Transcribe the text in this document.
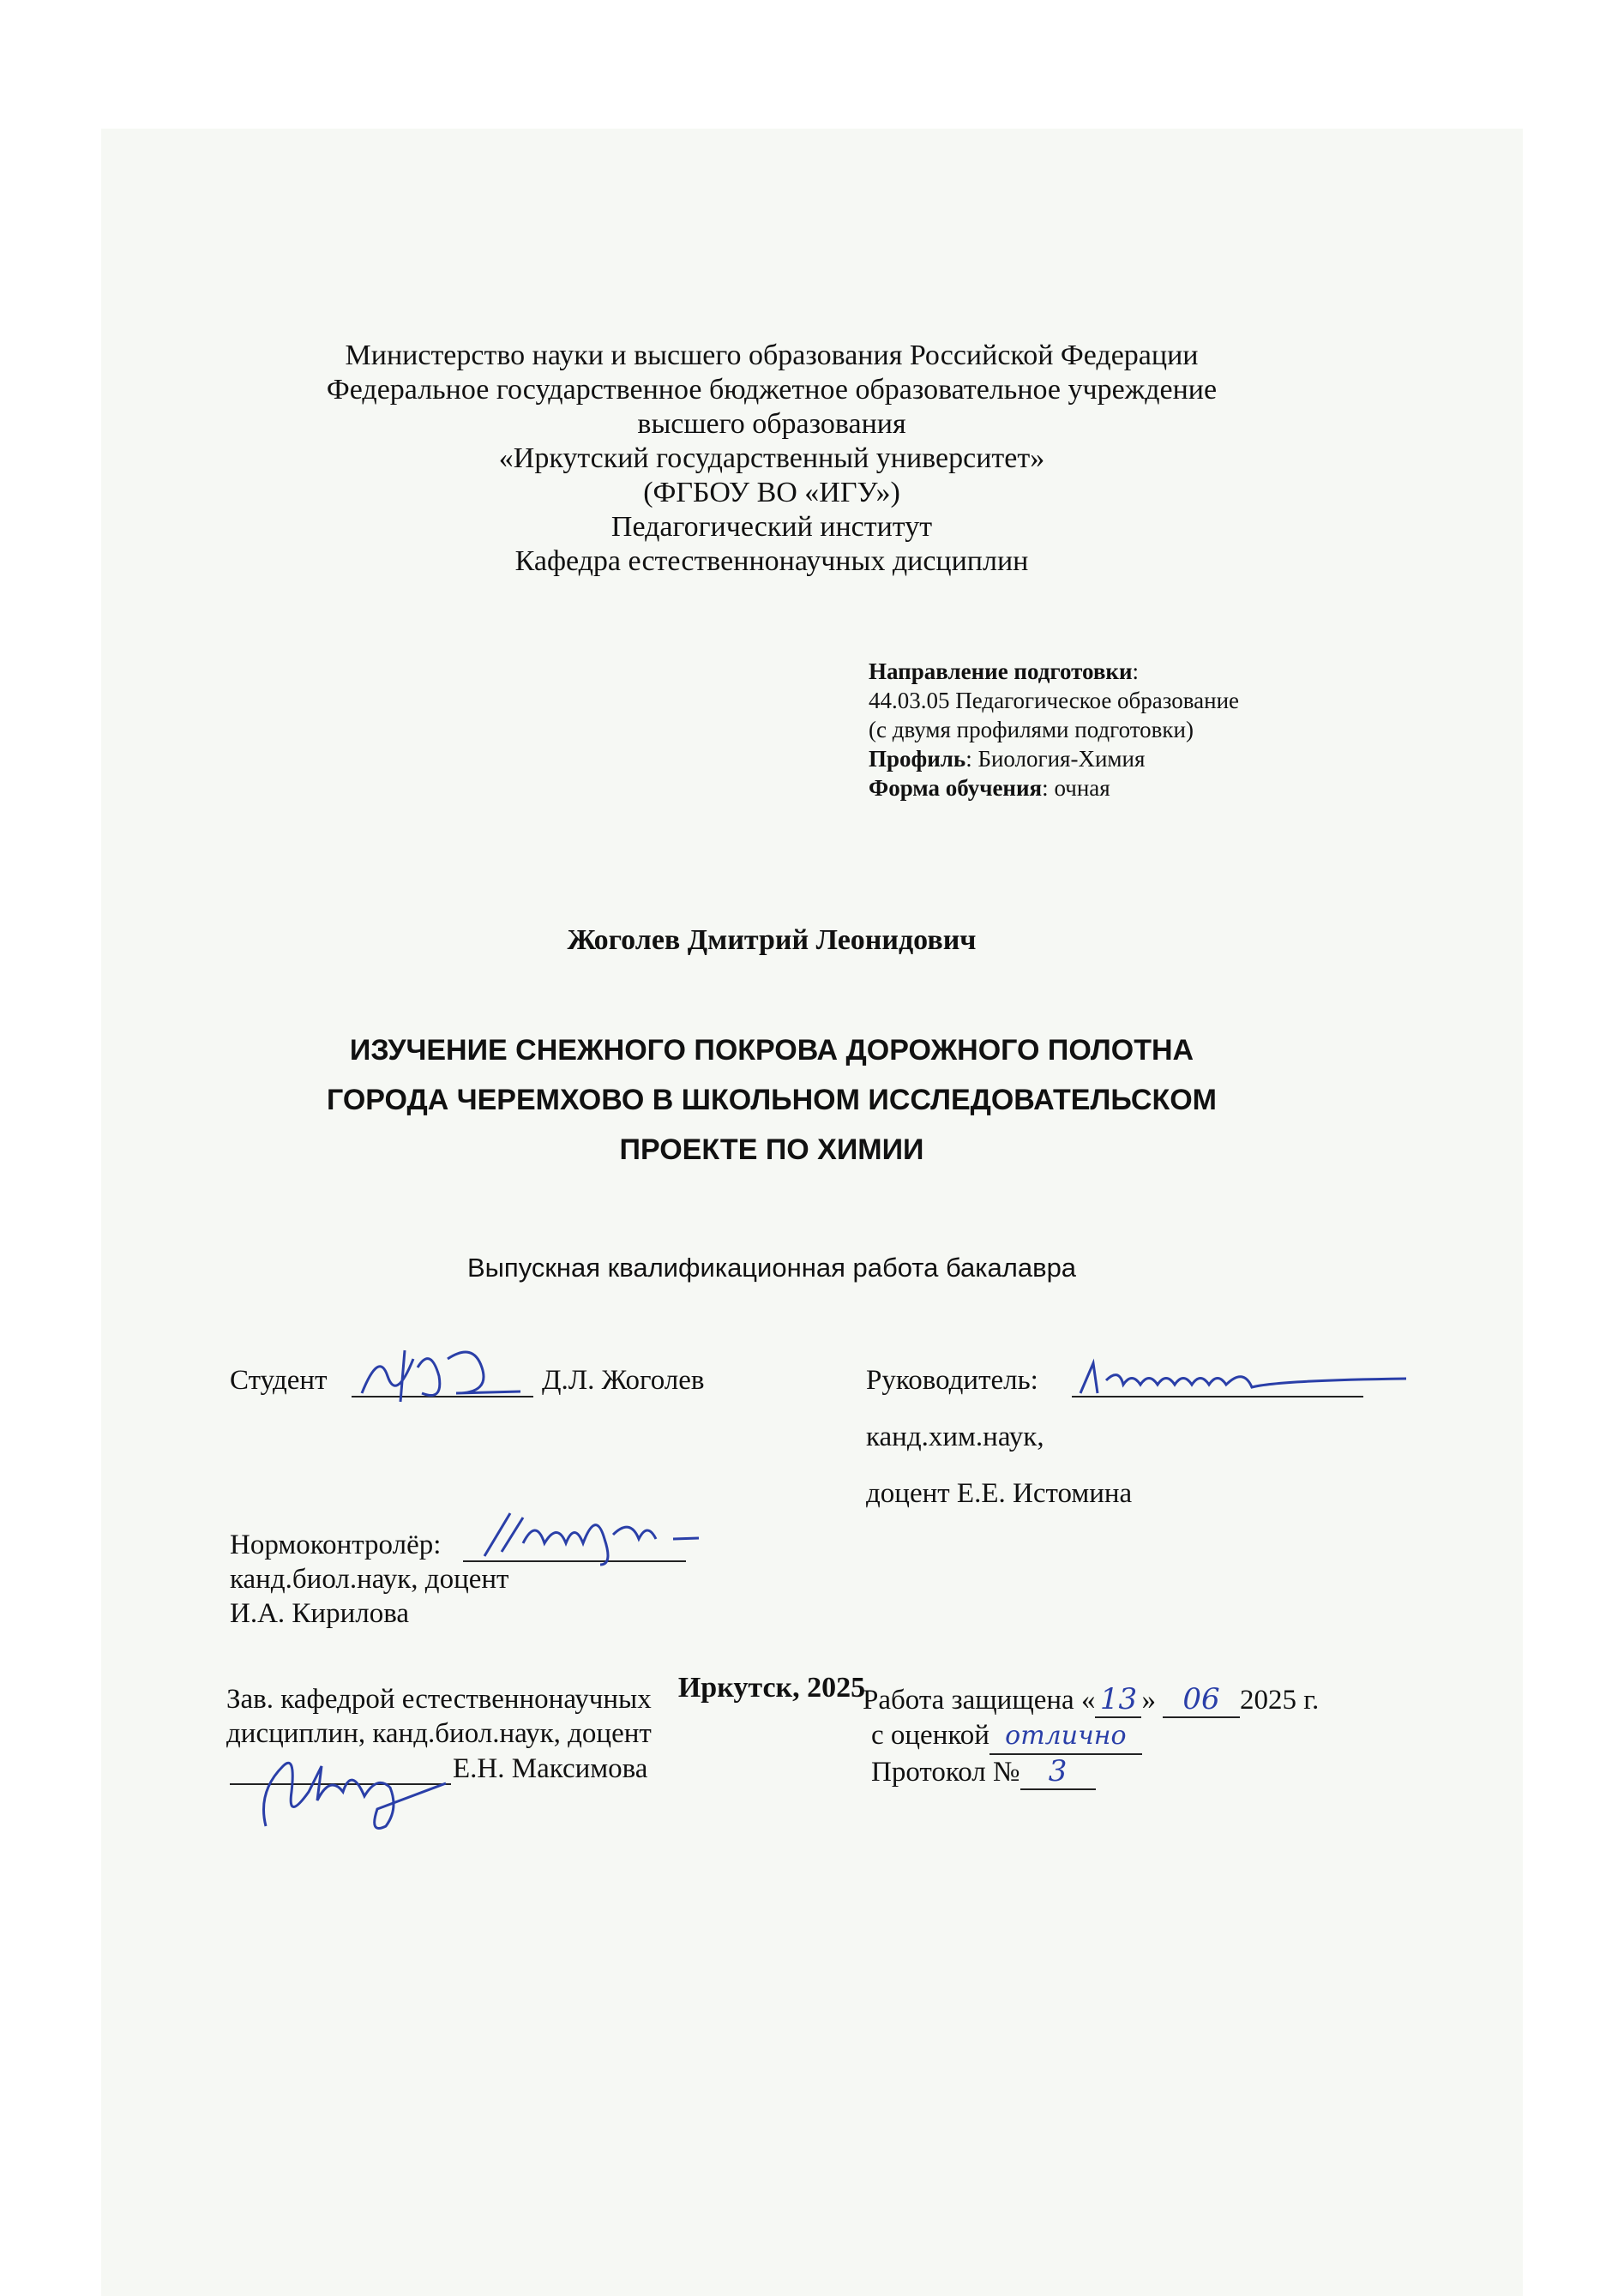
Министерство науки и высшего образования Российской Федерации
Федеральное государственное бюджетное образовательное учреждение
высшего образования
«Иркутский государственный университет»
(ФГБОУ ВО «ИГУ»)
Педагогический институт
Кафедра естественнонаучных дисциплин
Направление подготовки:
44.03.05 Педагогическое образование
(с двумя профилями подготовки)
Профиль: Биология-Химия
Форма обучения: очная
Жоголев Дмитрий Леонидович
ИЗУЧЕНИЕ СНЕЖНОГО ПОКРОВА ДОРОЖНОГО ПОЛОТНА
ГОРОДА ЧЕРЕМХОВО В ШКОЛЬНОМ ИССЛЕДОВАТЕЛЬСКОМ
ПРОЕКТЕ ПО ХИМИИ
Выпускная квалификационная работа бакалавра
Студент	Д.Л. Жоголев	Руководитель:
канд.хим.наук,
доцент Е.Е. Истомина
Нормоконтролёр:
канд.биол.наук, доцент
И.А. Кирилова
Зав. кафедрой естественнонаучных
дисциплин, канд.биол.наук, доцент
Е.Н. Максимова
Работа защищена « 13 » 06 2025 г.
с оценкой отлично
Протокол № 3
Иркутск, 2025
